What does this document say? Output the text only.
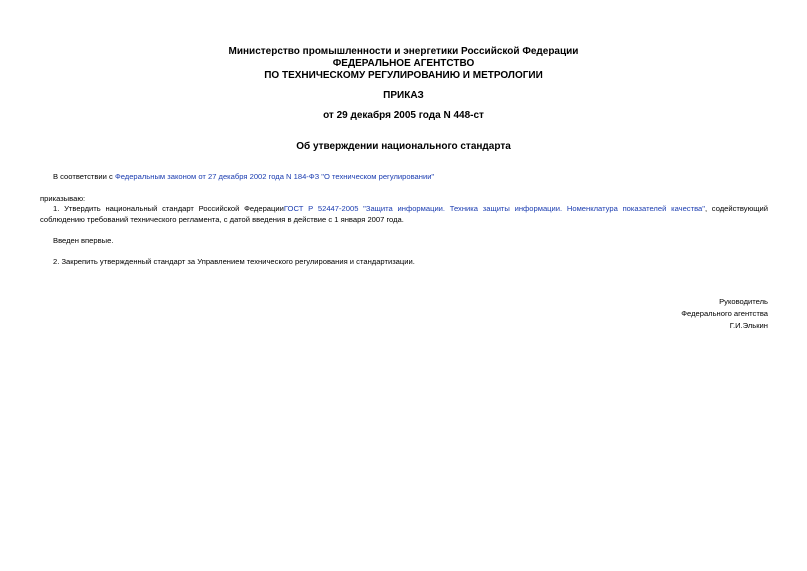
Министерство промышленности и энергетики Российской Федерации
ФЕДЕРАЛЬНОЕ АГЕНТСТВО
ПО ТЕХНИЧЕСКОМУ РЕГУЛИРОВАНИЮ И МЕТРОЛОГИИ
ПРИКАЗ
от 29 декабря 2005 года N 448-ст
Об утверждении национального стандарта
В соответствии с Федеральным законом от 27 декабря 2002 года N 184-ФЗ "О техническом регулировании"
приказываю:
1. Утвердить национальный стандарт Российской ФедерацииГОСТ Р 52447-2005 "Защита информации. Техника защиты информации. Номенклатура показателей качества", содействующий соблюдению требований технического регламента, с датой введения в действие с 1 января 2007 года.
Введен впервые.
2. Закрепить утвержденный стандарт за Управлением технического регулирования и стандартизации.
Руководитель
Федерального агентства
Г.И.Элькин
